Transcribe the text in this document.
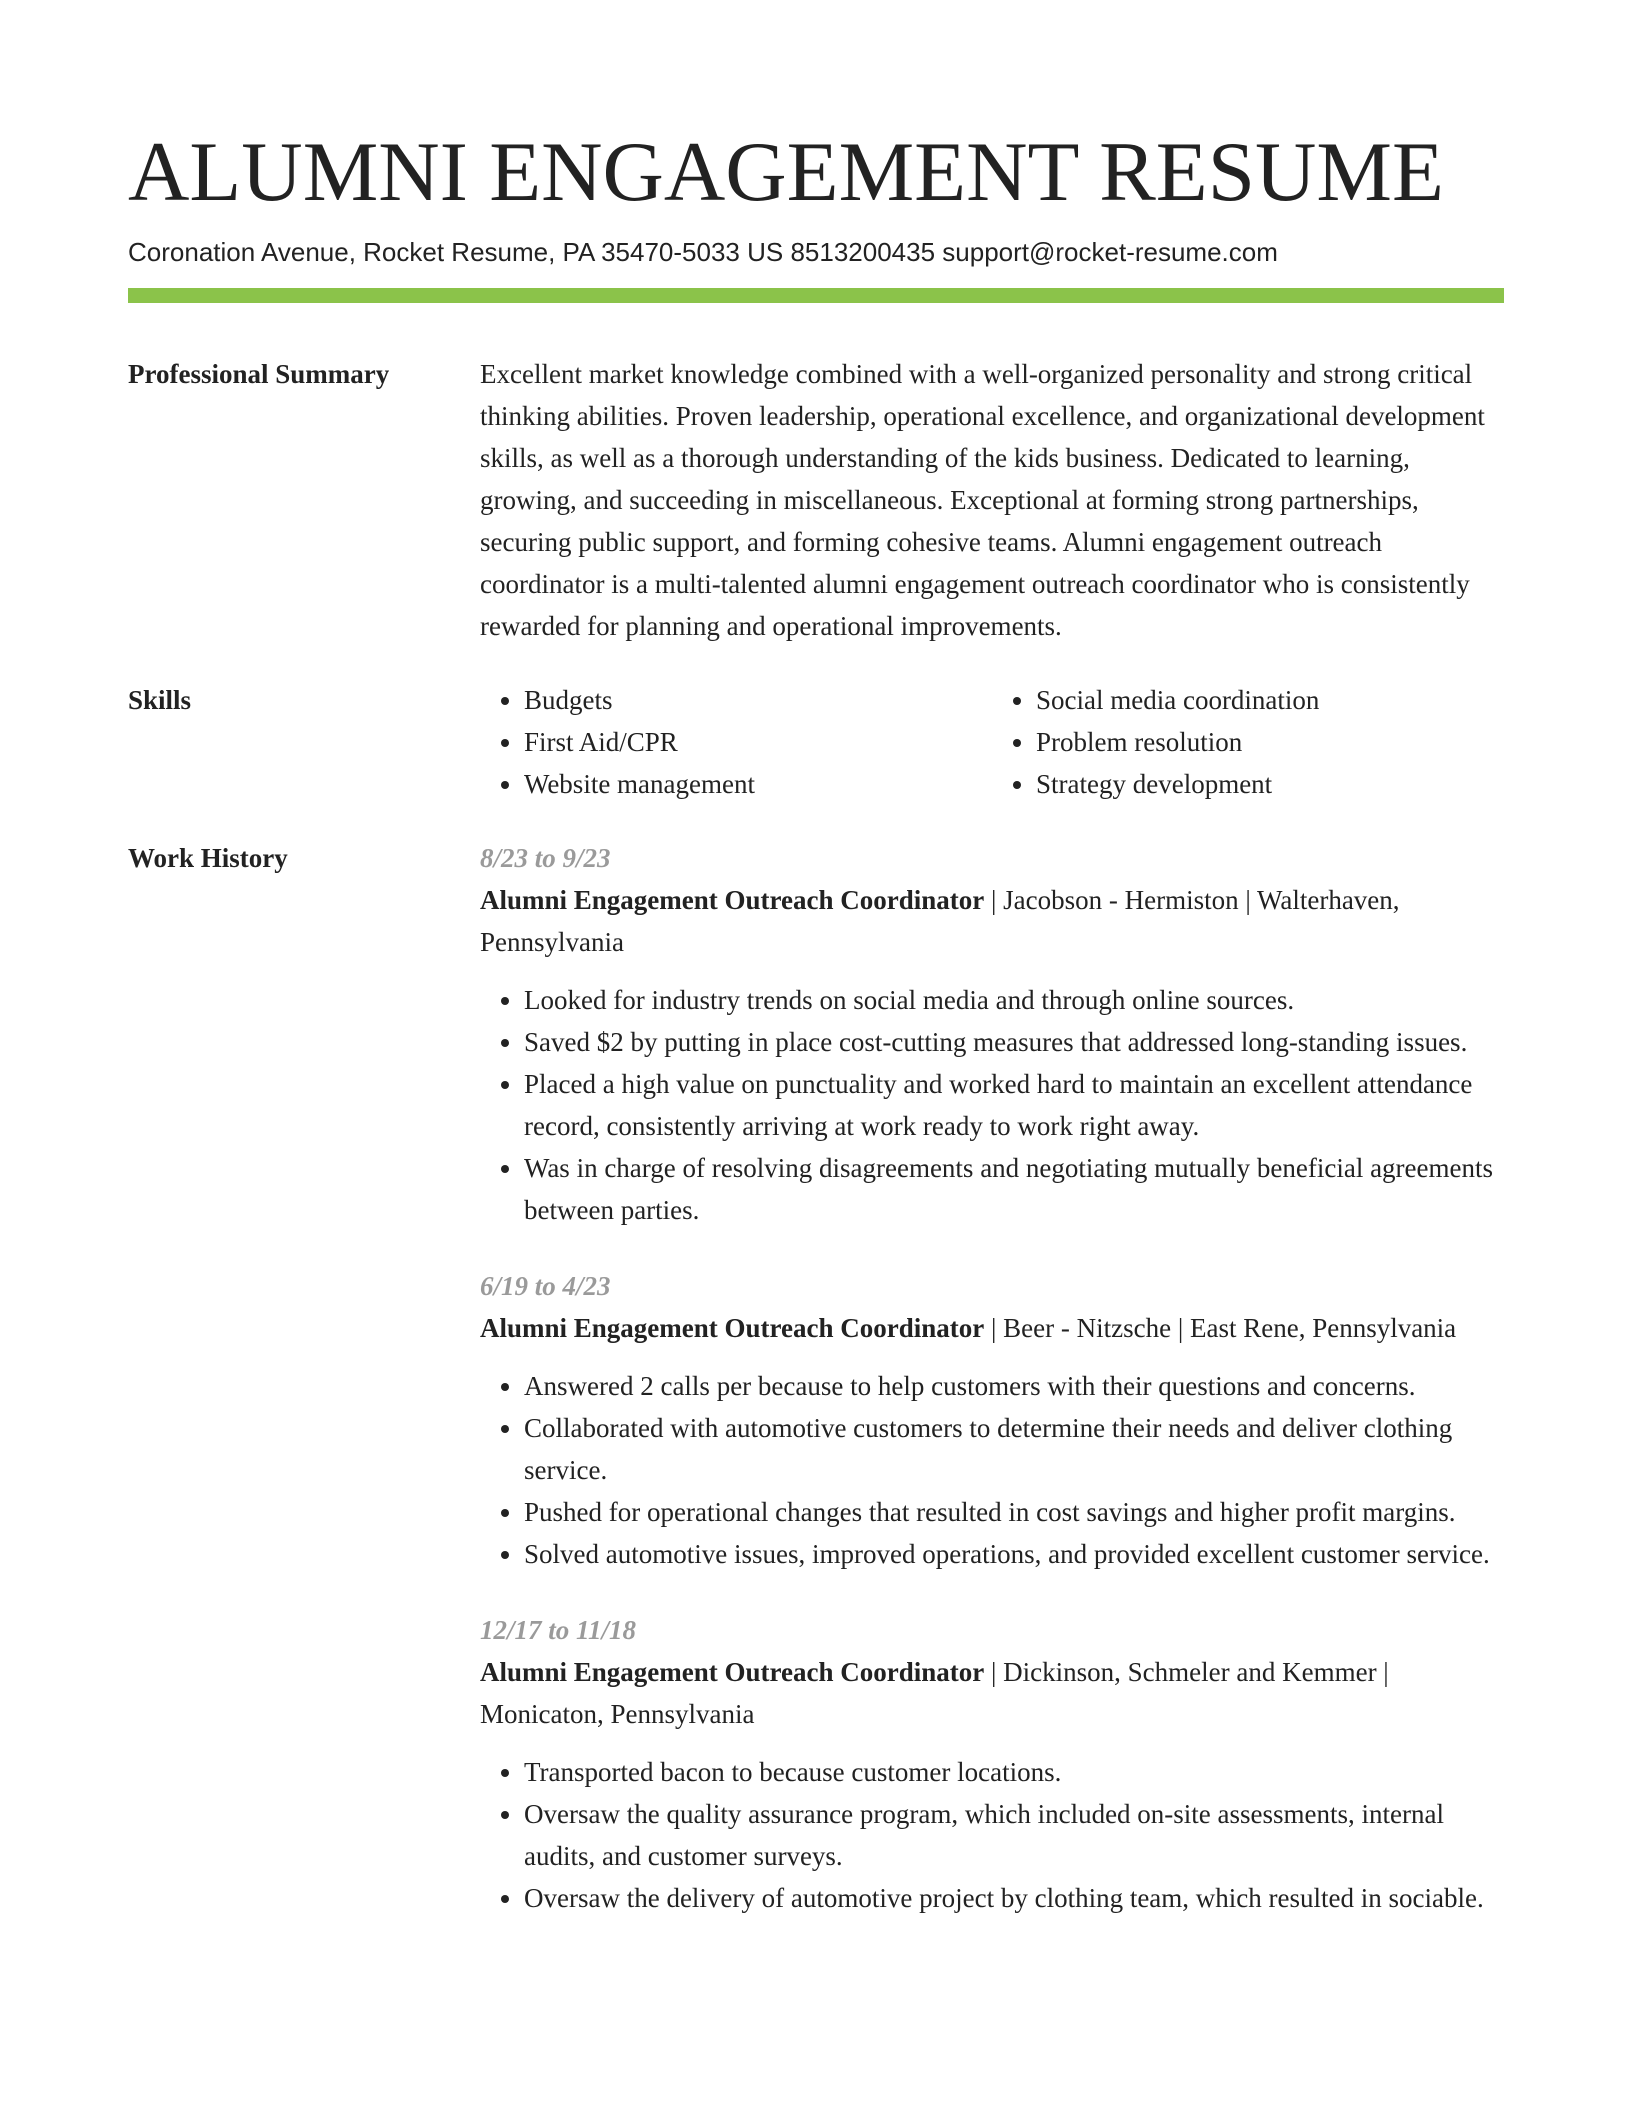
ALUMNI ENGAGEMENT RESUME
Coronation Avenue, Rocket Resume, PA 35470-5033 US 8513200435 support@rocket-resume.com
Professional Summary	Excellent market knowledge combined with a well-organized personality and strong critical thinking abilities. Proven leadership, operational excellence, and organizational development skills, as well as a thorough understanding of the kids business. Dedicated to learning, growing, and succeeding in miscellaneous. Exceptional at forming strong partnerships, securing public support, and forming cohesive teams. Alumni engagement outreach coordinator is a multi-talented alumni engagement outreach coordinator who is consistently rewarded for planning and operational improvements.

Skills
•	Budgets
• First Aid/CPR
• Website management
• Social media coordination
• Problem resolution
• Strategy development
Work History	8/23 to 9/23
Alumni Engagement Outreach Coordinator | Jacobson - Hermiston | Walterhaven, Pennsylvania
• Looked for industry trends on social media and through online sources.
• Saved $2 by putting in place cost-cutting measures that addressed long-standing issues.
• Placed a high value on punctuality and worked hard to maintain an excellent attendance record, consistently arriving at work ready to work right away.
• Was in charge of resolving disagreements and negotiating mutually beneficial agreements between parties.
6/19 to 4/23
Alumni Engagement Outreach Coordinator | Beer - Nitzsche | East Rene, Pennsylvania
• Answered 2 calls per because to help customers with their questions and concerns.
• Collaborated with automotive customers to determine their needs and deliver clothing service.
• Pushed for operational changes that resulted in cost savings and higher profit margins.
• Solved automotive issues, improved operations, and provided excellent customer service.
12/17 to 11/18
Alumni Engagement Outreach Coordinator | Dickinson, Schmeler and Kemmer | Monicaton, Pennsylvania
• Transported bacon to because customer locations.
• Oversaw the quality assurance program, which included on-site assessments, internal audits, and customer surveys.
• Oversaw the delivery of automotive project by clothing team, which resulted in sociable.
